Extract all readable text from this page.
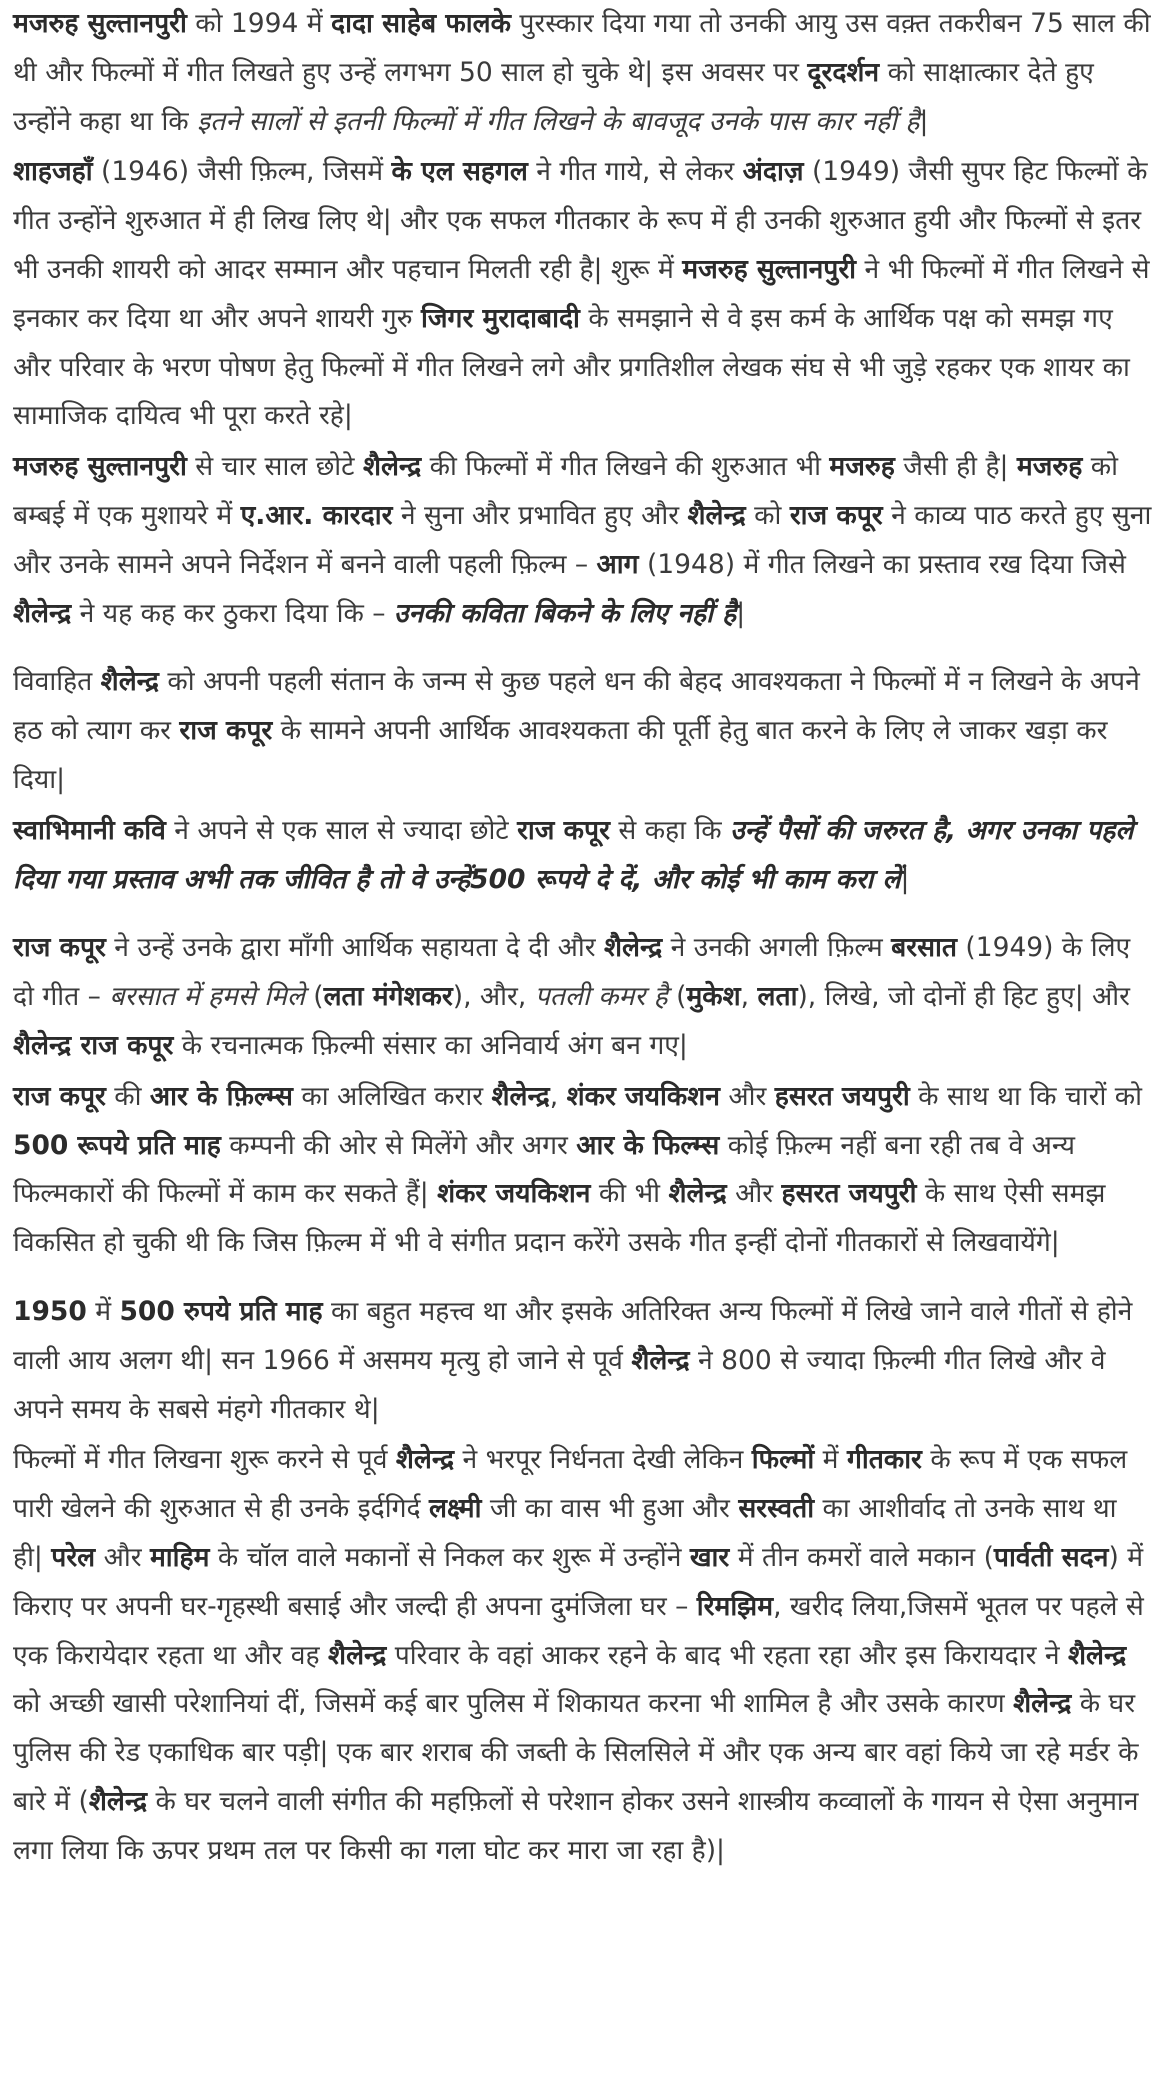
मजरुह सुल्तानपुरी को 1994 में दादा साहेब फालके पुरस्कार दिया गया तो उनकी आयु उस वक़्त तकरीबन 75 साल की थी और फिल्मों में गीत लिखते हुए उन्हें लगभग 50 साल हो चुके थे| इस अवसर पर दूरदर्शन को साक्षात्कार देते हुए उन्होंने कहा था कि इतने सालों से इतनी फिल्मों में गीत लिखने के बावजूद उनके पास कार नहीं है|

शाहजहाँ (1946) जैसी फ़िल्म, जिसमें के एल सहगल ने गीत गाये, से लेकर अंदाज़ (1949) जैसी सुपर हिट फिल्मों के गीत उन्होंने शुरुआत में ही लिख लिए थे| और एक सफल गीतकार के रूप में ही उनकी शुरुआत हुयी और फिल्मों से इतर भी उनकी शायरी को आदर सम्मान और पहचान मिलती रही है| शुरू में मजरुह सुल्तानपुरी ने भी फिल्मों में गीत लिखने से इनकार कर दिया था और अपने शायरी गुरु जिगर मुरादाबादी के समझाने से वे इस कर्म के आर्थिक पक्ष को समझ गए और परिवार के भरण पोषण हेतु फिल्मों में गीत लिखने लगे और प्रगतिशील लेखक संघ से भी जुड़े रहकर एक शायर का सामाजिक दायित्व भी पूरा करते रहे|

मजरुह सुल्तानपुरी से चार साल छोटे शैलेन्द्र की फिल्मों में गीत लिखने की शुरुआत भी मजरुह जैसी ही है| मजरुह को बम्बई में एक मुशायरे में ए.आर. कारदार ने सुना और प्रभावित हुए और शैलेन्द्र को राज कपूर ने काव्य पाठ करते हुए सुना और उनके सामने अपने निर्देशन में बनने वाली पहली फ़िल्म – आग (1948) में गीत लिखने का प्रस्ताव रख दिया जिसे शैलेन्द्र ने यह कह कर ठुकरा दिया कि – उनकी कविता बिकने के लिए नहीं है|

विवाहित शैलेन्द्र को अपनी पहली संतान के जन्म से कुछ पहले धन की बेहद आवश्यकता ने फिल्मों में न लिखने के अपने हठ को त्याग कर राज कपूर के सामने अपनी आर्थिक आवश्यकता की पूर्ती हेतु बात करने के लिए ले जाकर खड़ा कर दिया|

स्वाभिमानी कवि ने अपने से एक साल से ज्यादा छोटे राज कपूर से कहा कि उन्हें पैसों की जरुरत है, अगर उनका पहले दिया गया प्रस्ताव अभी तक जीवित है तो वे उन्हें500 रूपये दे दें, और कोई भी काम करा लें|

राज कपूर ने उन्हें उनके द्वारा माँगी आर्थिक सहायता दे दी और शैलेन्द्र ने उनकी अगली फ़िल्म बरसात (1949) के लिए दो गीत – बरसात में हमसे मिले (लता मंगेशकर), और, पतली कमर है (मुकेश, लता), लिखे, जो दोनों ही हिट हुए| और शैलेन्द्र राज कपूर के रचनात्मक फ़िल्मी संसार का अनिवार्य अंग बन गए|

राज कपूर की आर के फ़िल्म्स का अलिखित करार शैलेन्द्र, शंकर जयकिशन और हसरत जयपुरी के साथ था कि चारों को 500 रूपये प्रति माह कम्पनी की ओर से मिलेंगे और अगर आर के फिल्म्स कोई फ़िल्म नहीं बना रही तब वे अन्य फिल्मकारों की फिल्मों में काम कर सकते हैं| शंकर जयकिशन की भी शैलेन्द्र और हसरत जयपुरी के साथ ऐसी समझ विकसित हो चुकी थी कि जिस फ़िल्म में भी वे संगीत प्रदान करेंगे उसके गीत इन्हीं दोनों गीतकारों से लिखवायेंगे|

1950 में 500 रुपये प्रति माह का बहुत महत्त्व था और इसके अतिरिक्त अन्य फिल्मों में लिखे जाने वाले गीतों से होने वाली आय अलग थी| सन 1966 में असमय मृत्यु हो जाने से पूर्व शैलेन्द्र ने 800 से ज्यादा फ़िल्मी गीत लिखे और वे अपने समय के सबसे मंहगे गीतकार थे|

फिल्मों में गीत लिखना शुरू करने से पूर्व शैलेन्द्र ने भरपूर निर्धनता देखी लेकिन फिल्मों में गीतकार के रूप में एक सफल पारी खेलने की शुरुआत से ही उनके इर्दगिर्द लक्ष्मी जी का वास भी हुआ और सरस्वती का आशीर्वाद तो उनके साथ था ही| परेल और माहिम के चॉल वाले मकानों से निकल कर शुरू में उन्होंने खार में तीन कमरों वाले मकान (पार्वती सदन) में किराए पर अपनी घर-गृहस्थी बसाई और जल्दी ही अपना दुमंजिला घर – रिमझिम, खरीद लिया,जिसमें भूतल पर पहले से एक किरायेदार रहता था और वह शैलेन्द्र परिवार के वहां आकर रहने के बाद भी रहता रहा और इस किरायदार ने शैलेन्द्र को अच्छी खासी परेशानियां दीं, जिसमें कई बार पुलिस में शिकायत करना भी शामिल है और उसके कारण शैलेन्द्र के घर पुलिस की रेड एकाधिक बार पड़ी| एक बार शराब की जब्ती के सिलसिले में और एक अन्य बार वहां किये जा रहे मर्डर के बारे में (शैलेन्द्र के घर चलने वाली संगीत की महफ़िलों से परेशान होकर उसने शास्त्रीय कव्वालों के गायन से ऐसा अनुमान लगा लिया कि ऊपर प्रथम तल पर किसी का गला घोट कर मारा जा रहा है)|
